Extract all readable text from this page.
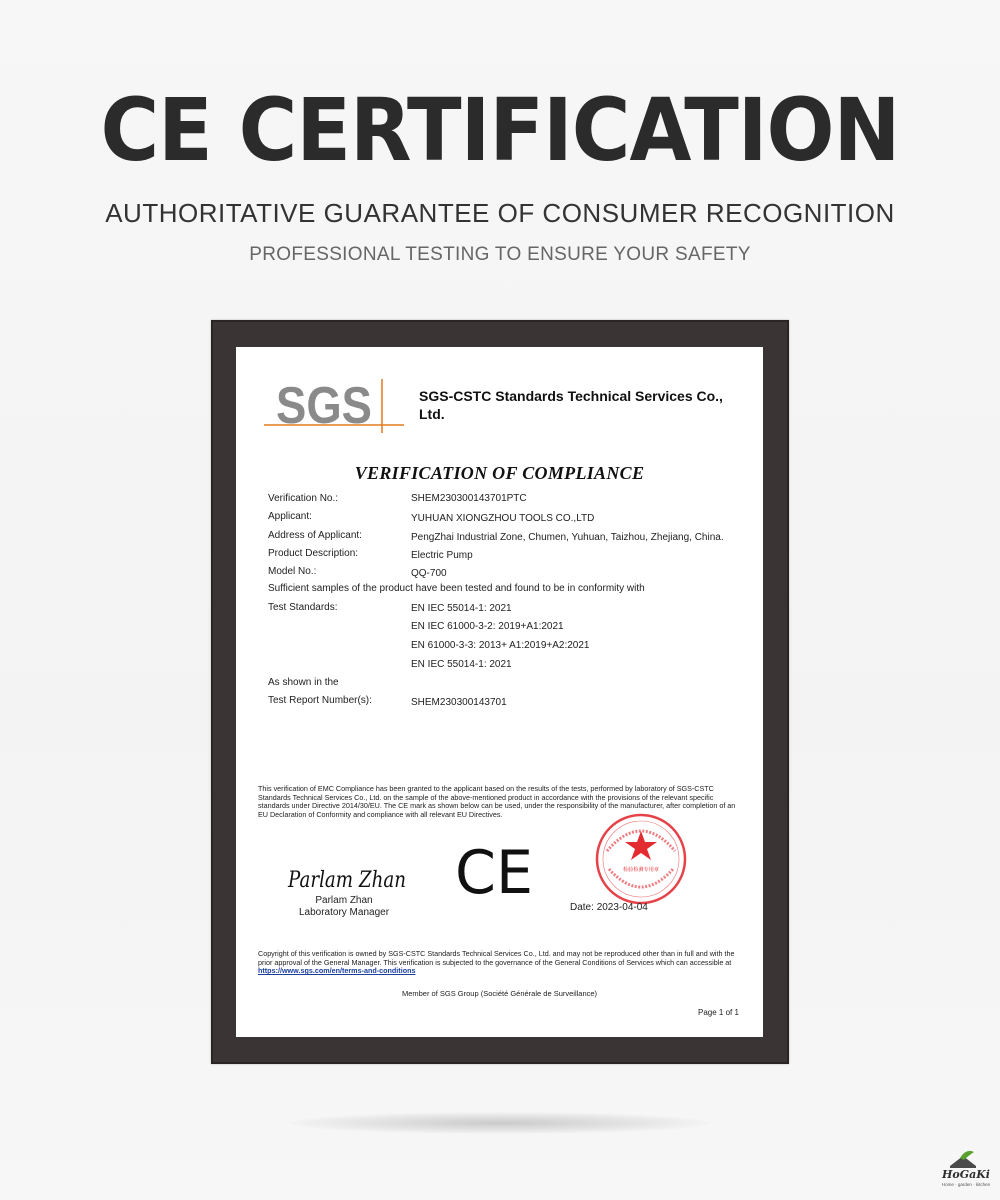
CE CERTIFICATION
AUTHORITATIVE GUARANTEE OF CONSUMER RECOGNITION
PROFESSIONAL TESTING TO ENSURE YOUR SAFETY
SGS	SGS-CSTC Standards Technical Services Co., Ltd.
VERIFICATION OF COMPLIANCE
Verification No.:	SHEM230300143701PTC
Applicant:	YUHUAN XIONGZHOU TOOLS CO.,LTD
Address of Applicant:	PengZhai Industrial Zone, Chumen, Yuhuan, Taizhou, Zhejiang, China.
Product Description:	Electric Pump
Model No.:	QQ-700
Sufficient samples of the product have been tested and found to be in conformity with
Test Standards:	EN IEC 55014-1: 2021
EN IEC 61000-3-2: 2019+A1:2021
EN 61000-3-3: 2013+ A1:2019+A2:2021
EN IEC 55014-1: 2021
As shown in the
Test Report Number(s):	SHEM230300143701
This verification of EMC Compliance has been granted to the applicant based on the results of the tests, performed by laboratory of SGS-CSTC Standards Technical Services Co., Ltd. on the sample of the above-mentioned product in accordance with the provisions of the relevant specific standards under Directive 2014/30/EU. The CE mark as shown below can be used, under the responsibility of the manufacturer, after completion of an EU Declaration of Conformity and compliance with all relevant EU Directives.
Parlam Zhan
Parlam Zhan
Laboratory Manager
CE	检验检测专用章
Date: 2023-04-04
Copyright of this verification is owned by SGS-CSTC Standards Technical Services Co., Ltd. and may not be reproduced other than in full and with the prior approval of the General Manager. This verification is subjected to the governance of the General Conditions of Services which can accessible at https://www.sgs.com/en/terms-and-conditions
Member of SGS Group (Société Générale de Surveillance)
Page 1 of 1
HoGaKi
Home · garden · kitchen
